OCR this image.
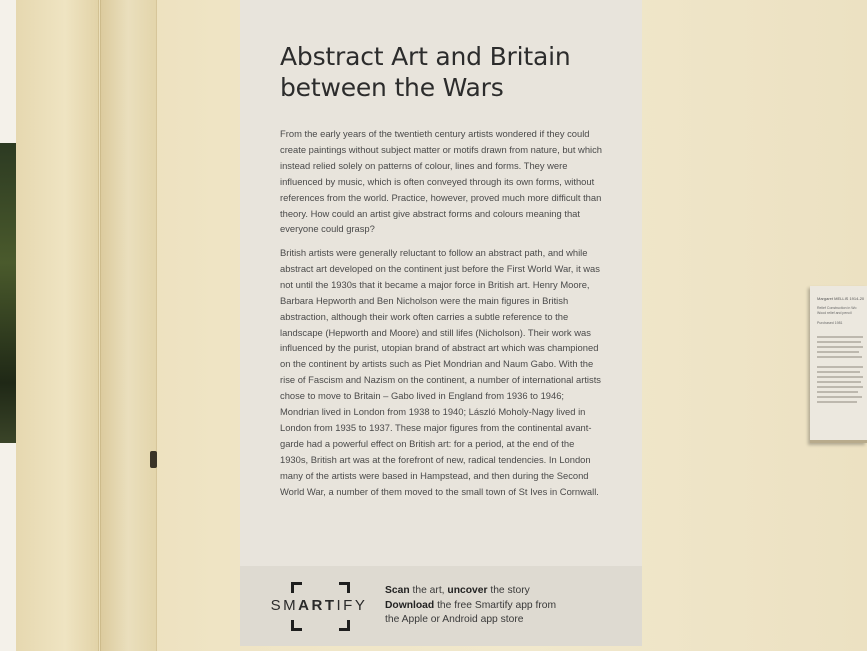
Abstract Art and Britain
between the Wars

From the early years of the twentieth century artists wondered if they could create paintings without subject matter or motifs drawn from nature, but which instead relied solely on patterns of colour, lines and forms. They were influenced by music, which is often conveyed through its own forms, without references from the world. Practice, however, proved much more difficult than theory. How could an artist give abstract forms and colours meaning that everyone could grasp?

British artists were generally reluctant to follow an abstract path, and while abstract art developed on the continent just before the First World War, it was not until the 1930s that it became a major force in British art. Henry Moore, Barbara Hepworth and Ben Nicholson were the main figures in British abstraction, although their work often carries a subtle reference to the landscape (Hepworth and Moore) and still lifes (Nicholson). Their work was influenced by the purist, utopian brand of abstract art which was championed on the continent by artists such as Piet Mondrian and Naum Gabo. With the rise of Fascism and Nazism on the continent, a number of international artists chose to move to Britain – Gabo lived in England from 1936 to 1946; Mondrian lived in London from 1938 to 1940; László Moholy-Nagy lived in London from 1935 to 1937. These major figures from the continental avant-garde had a powerful effect on British art: for a period, at the end of the 1930s, British art was at the forefront of new, radical tendencies. In London many of the artists were based in Hampstead, and then during the Second World War, a number of them moved to the small town of St Ives in Cornwall.

SMARTIFY
Scan the art, uncover the story
Download the free Smartify app from
the Apple or Android app store
Margaret MELLIS 1914-20
Relief Construction in Wo
Wood relief and pencil

Purchased 1981
